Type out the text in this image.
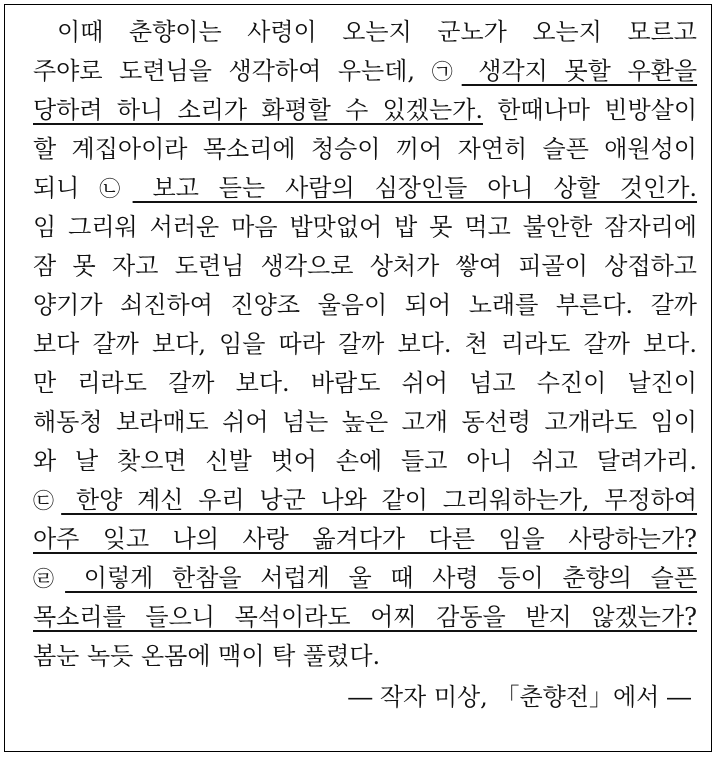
이때 춘향이는 사령이 오는지 군노가 오는지 모르고
주야로 도련님을 생각하여 우는데, ㉠ 생각지 못할 우환을
당하려 하니 소리가 화평할 수 있겠는가. 한때나마 빈방살이
할 계집아이라 목소리에 청승이 끼어 자연히 슬픈 애원성이
되니 ㉡ 보고 듣는 사람의 심장인들 아니 상할 것인가.
임 그리워 서러운 마음 밥맛없어 밥 못 먹고 불안한 잠자리에
잠 못 자고 도련님 생각으로 상처가 쌓여 피골이 상접하고
양기가 쇠진하여 진양조 울음이 되어 노래를 부른다. 갈까
보다 갈까 보다, 임을 따라 갈까 보다. 천 리라도 갈까 보다.
만 리라도 갈까 보다. 바람도 쉬어 넘고 수진이 날진이
해동청 보라매도 쉬어 넘는 높은 고개 동선령 고개라도 임이
와 날 찾으면 신발 벗어 손에 들고 아니 쉬고 달려가리.
㉢ 한양 계신 우리 낭군 나와 같이 그리워하는가, 무정하여
아주 잊고 나의 사랑 옮겨다가 다른 임을 사랑하는가?
㉣ 이렇게 한참을 서럽게 울 때 사령 등이 춘향의 슬픈
목소리를 들으니 목석이라도 어찌 감동을 받지 않겠는가?
봄눈 녹듯 온몸에 맥이 탁 풀렸다.
― 작자 미상, 「춘향전」에서 ―
